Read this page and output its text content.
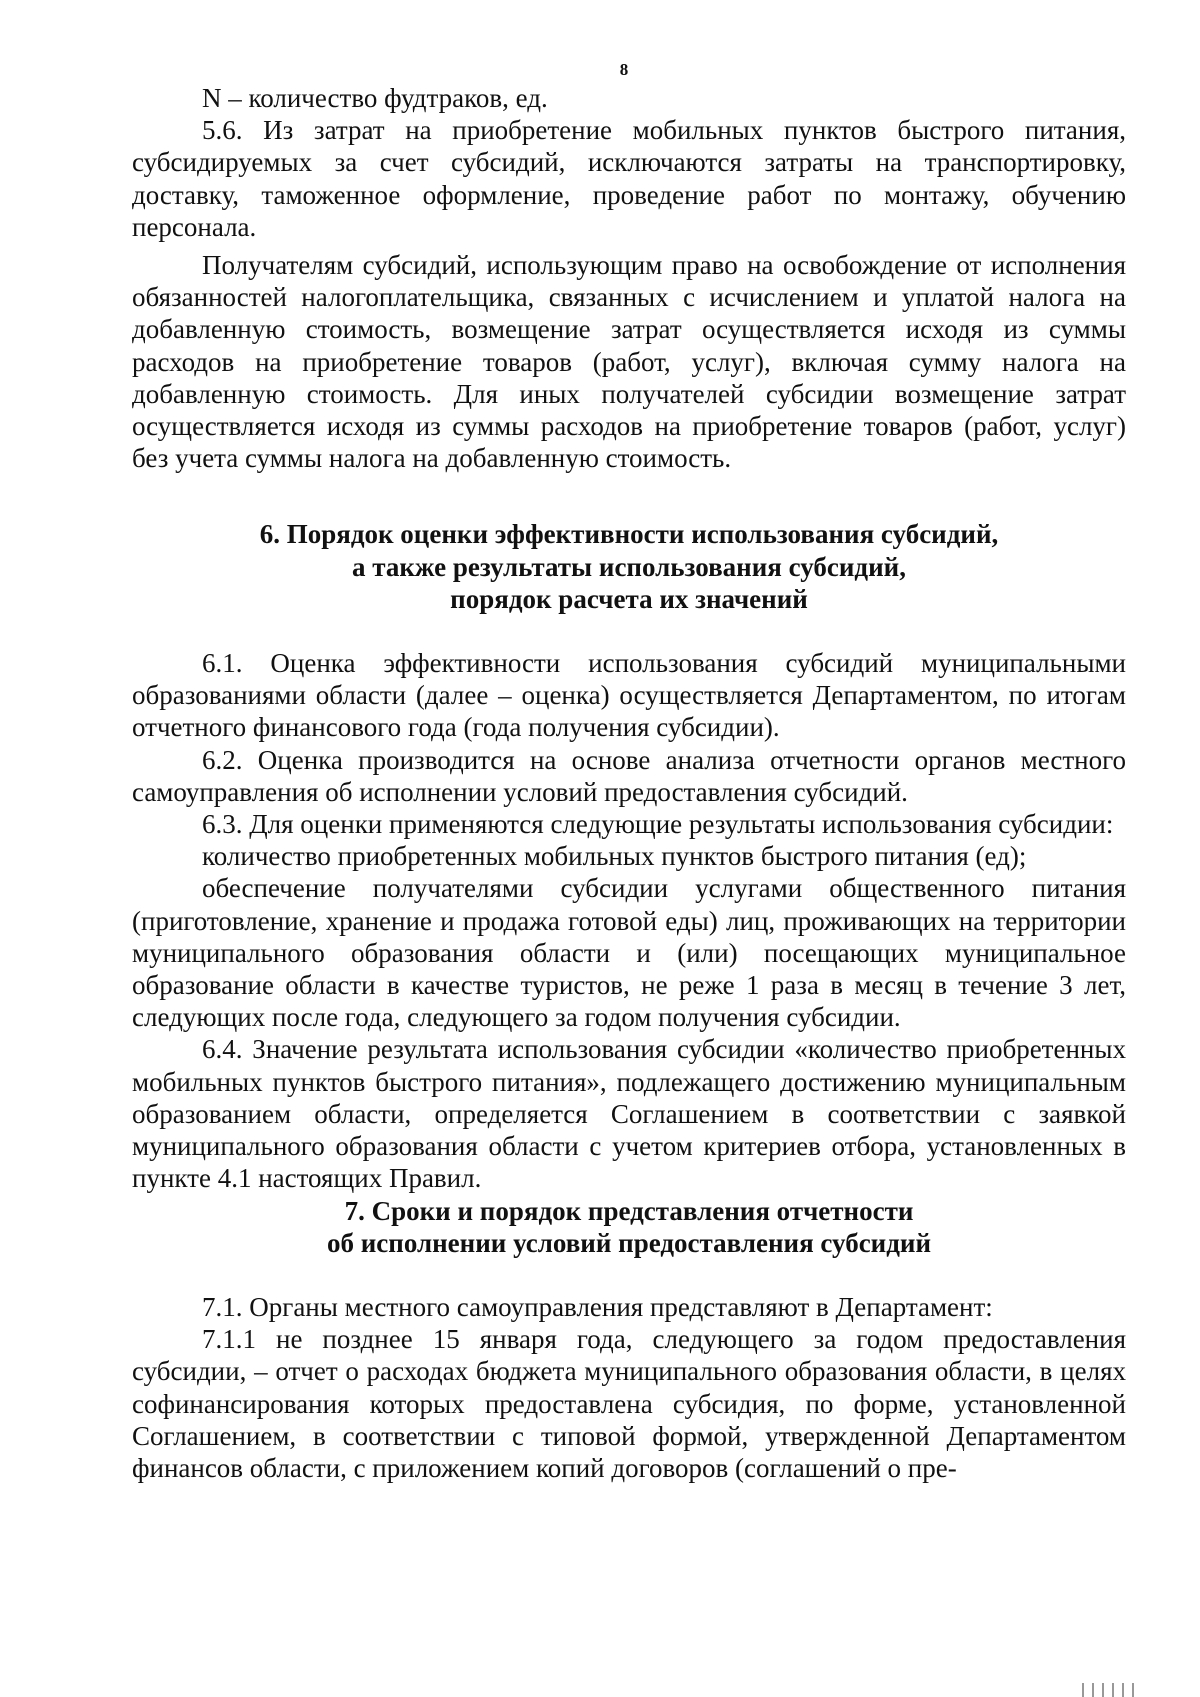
8

N – количество фудтраков, ед.

5.6. Из затрат на приобретение мобильных пунктов быстрого питания, субсидируемых за счет субсидий, исключаются затраты на транспортировку, доставку, таможенное оформление, проведение работ по монтажу, обучению персонала.

Получателям субсидий, использующим право на освобождение от исполнения обязанностей налогоплательщика, связанных с исчислением и уплатой налога на добавленную стоимость, возмещение затрат осуществляется исходя из суммы расходов на приобретение товаров (работ, услуг), включая сумму налога на добавленную стоимость. Для иных получателей субсидии возмещение затрат осуществляется исходя из суммы расходов на приобретение товаров (работ, услуг) без учета суммы налога на добавленную стоимость.

6. Порядок оценки эффективности использования субсидий,
а также результаты использования субсидий,
порядок расчета их значений

6.1. Оценка эффективности использования субсидий муниципальными образованиями области (далее – оценка) осуществляется Департаментом, по итогам отчетного финансового года (года получения субсидии).

6.2. Оценка производится на основе анализа отчетности органов местного самоуправления об исполнении условий предоставления субсидий.

6.3. Для оценки применяются следующие результаты использования субсидии:

количество приобретенных мобильных пунктов быстрого питания (ед);

обеспечение получателями субсидии услугами общественного питания (приготовление, хранение и продажа готовой еды) лиц, проживающих на территории муниципального образования области и (или) посещающих муниципальное образование области в качестве туристов, не реже 1 раза в месяц в течение 3 лет, следующих после года, следующего за годом получения субсидии.

6.4. Значение результата использования субсидии «количество приобретенных мобильных пунктов быстрого питания», подлежащего достижению муниципальным образованием области, определяется Соглашением в соответствии с заявкой муниципального образования области с учетом критериев отбора, установленных в пункте 4.1 настоящих Правил.

7. Сроки и порядок представления отчетности
об исполнении условий предоставления субсидий

7.1. Органы местного самоуправления представляют в Департамент:

7.1.1 не позднее 15 января года, следующего за годом предоставления субсидии, – отчет о расходах бюджета муниципального образования области, в целях софинансирования которых предоставлена субсидия, по форме, установленной Соглашением, в соответствии с типовой формой, утвержденной Департаментом финансов области, с приложением копий договоров (соглашений о пре-
